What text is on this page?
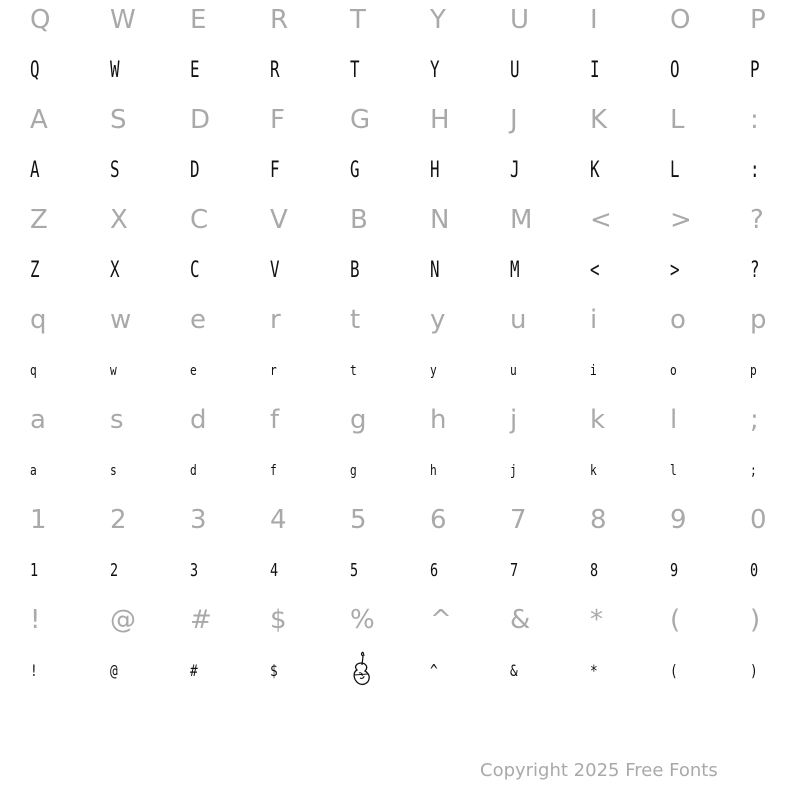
Q
Q
W
W
E
E
R
R
T
T
Y
Y
U
U
I
I
O
O
P
P
A
A
S
S
D
D
F
F
G
G
H
H
J
J
K
K
L
L
:
:
Z
Z
X
X
C
C
V
V
B
B
N
N
M
M
<
<
>
>
?
?
q
q
w
w
e
e
r
r
t
t
y
y
u
u
i
i
o
o
p
p
a
a
s
s
d
d
f
f
g
g
h
h
j
j
k
k
l
l
;
;
1
1
2
2
3
3
4
4
5
5
6
6
7
7
8
8
9
9
0
0
!
!
@
@
#
#
$
$
% ^
^
&
&
*
*
(
(
)
)
Copyright 2025 Free Fonts
